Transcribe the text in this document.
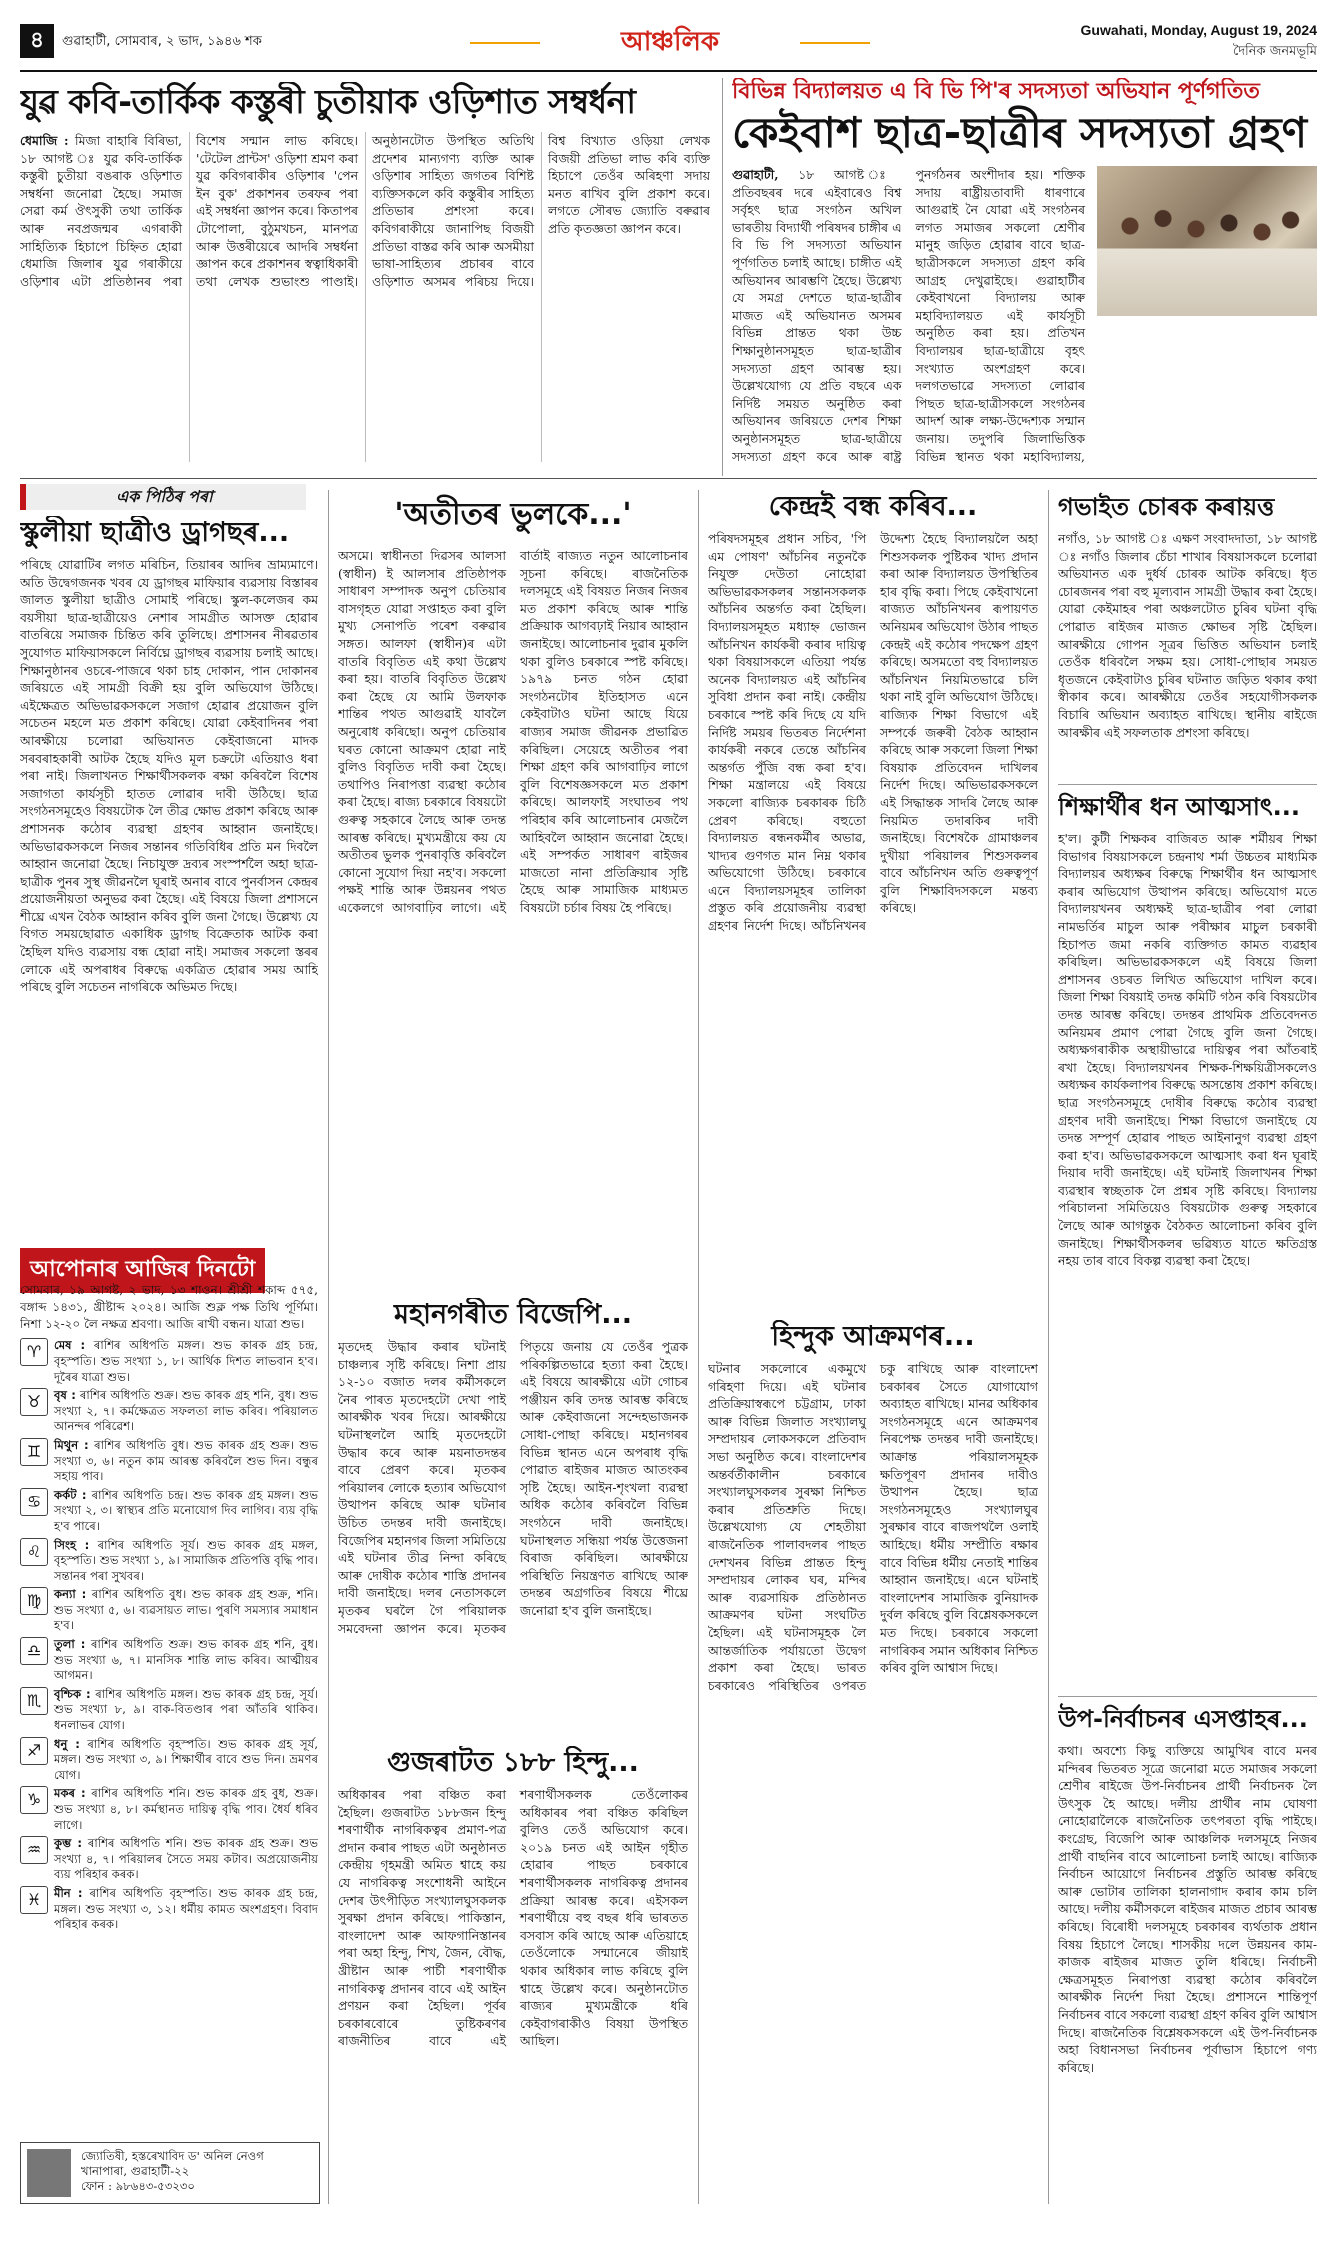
৪	গুৱাহাটী, সোমবাৰ, ২ ভাদ, ১৯৪৬ শক	আঞ্চলিক	Guwahati, Monday, August 19, 2024
দৈনিক জনমভূমি
যুৱ কবি-তাৰ্কিক কস্তুৰী চুতীয়াক ওড়িশাত সম্বৰ্ধনা
ধেমাজি : মিজা বাহাৰি বিৰিভা, ১৮ আগষ্ট ঃ যুৱ কবি-তাৰ্কিক কস্তুৰী চুতীয়া বঙৰাক ওড়িশাত সম্বৰ্ধনা জনোৱা হৈছে। সমাজ সেৱা কৰ্ম ঔৎসুকী তথা তাৰ্কিক আৰু নবপ্ৰজন্মৰ এগৰাকী সাহিত্যিক হিচাপে চিহ্নিত হোৱা ধেমাজি জিলাৰ যুৱ গৰাকীয়ে ওড়িশাৰ এটা প্ৰতিষ্ঠানৰ পৰা বিশেষ সন্মান লাভ কৰিছে। 'টেটেল প্ৰান্টস' ওড়িশা শ্ৰমণ কৰা যুৱ কবিগৰাকীৰ ওড়িশাৰ 'পেন ইন বুক' প্ৰকাশনৰ তৰফৰ পৰা এই সম্বৰ্ধনা জ্ঞাপন কৰে। কিতাপৰ টোপোলা, বুঠুমখচন, মানপত্ৰ আৰু উত্তৰীয়েৰে আদৰি সম্বৰ্ধনা জ্ঞাপন কৰে প্ৰকাশনৰ স্বত্বাধিকাৰী তথা লেখক শুভাংশু পাণ্ডাই। অনুষ্ঠানটোত উপস্থিত অতিথি প্ৰদেশৰ মান্যগণ্য ব্যক্তি আৰু ওড়িশাৰ সাহিত্য জগতৰ বিশিষ্ট ব্যক্তিসকলে কবি কস্তুৰীৰ সাহিত্য প্ৰতিভাৰ প্ৰশংসা কৰে। কবিগৰাকীয়ে জানাপিছ বিজয়ী প্ৰতিভা বাস্তৱ কৰি আৰু অসমীয়া ভাষা-সাহিত্যৰ প্ৰচাৰৰ বাবে ওড়িশাত অসমৰ পৰিচয় দিয়ে। বিশ্ব বিখ্যাত ওড়িয়া লেখক বিজয়ী প্ৰতিভা লাভ কৰি ব্যক্তি হিচাপে তেওঁৰ অৰিহণা সদায় মনত ৰাখিব বুলি প্ৰকাশ কৰে। লগতে সৌৰভ জ্যোতি বৰুৱাৰ প্ৰতি কৃতজ্ঞতা জ্ঞাপন কৰে।
বিভিন্ন বিদ্যালয়ত এ বি ভি পি'ৰ সদস্যতা অভিযান পূৰ্ণগতিত
কেইবাশ ছাত্ৰ-ছাত্ৰীৰ সদস্যতা গ্ৰহণ
গুৱাহাটী, ১৮ আগষ্ট ঃ প্ৰতিবছৰৰ দৰে এইবাৰেও বিশ্ব সৰ্বৃহৎ ছাত্ৰ সংগঠন অখিল ভাৰতীয় বিদ্যাৰ্থী পৰিষদৰ চাঙ্গীৰ এ বি ভি পি সদস্যতা অভিযান পূৰ্ণগতিত চলাই আছে। চাঙ্গীত এই অভিযানৰ আৰম্ভণি হৈছে। উল্লেখ্য যে সমগ্ৰ দেশতে ছাত্ৰ-ছাত্ৰীৰ মাজত এই অভিযানত অসমৰ বিভিন্ন প্ৰান্তত থকা উচ্চ শিক্ষানুষ্ঠানসমূহত ছাত্ৰ-ছাত্ৰীৰ সদস্যতা গ্ৰহণ আৰম্ভ হয়। উল্লেখযোগ্য যে প্ৰতি বছৰে এক নিৰ্দিষ্ট সময়ত অনুষ্ঠিত কৰা অভিযানৰ জৰিয়তে দেশৰ শিক্ষা অনুষ্ঠানসমূহত ছাত্ৰ-ছাত্ৰীয়ে সদস্যতা গ্ৰহণ কৰে আৰু ৰাষ্ট্ৰ পুনৰ্গঠনৰ অংশীদাৰ হয়। শক্তিক সদায় ৰাষ্ট্ৰীয়তাবাদী ধাৰণাৰে আগুৱাই নৈ যোৱা এই সংগঠনৰ লগত সমাজৰ সকলো শ্ৰেণীৰ মানুহ জড়িত হোৱাৰ বাবে ছাত্ৰ-ছাত্ৰীসকলে সদস্যতা গ্ৰহণ কৰি আগ্ৰহ দেখুৱাইছে। গুৱাহাটীৰ কেইবাখনো বিদ্যালয় আৰু মহাবিদ্যালয়ত এই কাৰ্যসূচী অনুষ্ঠিত কৰা হয়। প্ৰতিখন বিদ্যালয়ৰ ছাত্ৰ-ছাত্ৰীয়ে বৃহৎ সংখ্যাত অংশগ্ৰহণ কৰে। দলগতভাৱে সদস্যতা লোৱাৰ পিছত ছাত্ৰ-ছাত্ৰীসকলে সংগঠনৰ আদৰ্শ আৰু লক্ষ্য-উদ্দেশ্যক সন্মান জনায়। তদুপৰি জিলাভিত্তিক বিভিন্ন স্থানত থকা মহাবিদ্যালয়,
এক পিঠিৰ পৰা
স্কুলীয়া ছাত্ৰীও ড্ৰাগছৰ...
পৰিছে যোৱাটিৰ লগত মৰিচিন, তিয়াৰৰ আদিৰ ভ্ৰাম্যমাণে। অতি উদ্বেগজনক খবৰ যে ড্ৰাগছৰ মাফিয়াৰ ব্যৱসায় বিস্তাৰৰ জালত স্কুলীয়া ছাত্ৰীও সোমাই পৰিছে। স্কুল-কলেজৰ কম বয়সীয়া ছাত্ৰ-ছাত্ৰীয়েও নেশাৰ সামগ্ৰীত আসক্ত হোৱাৰ বাতৰিয়ে সমাজক চিন্তিত কৰি তুলিছে। প্ৰশাসনৰ নীৰৱতাৰ সুযোগত মাফিয়াসকলে নিৰ্বিঘ্নে ড্ৰাগছৰ ব্যৱসায় চলাই আছে। শিক্ষানুষ্ঠানৰ ওচৰে-পাজৰে থকা চাহ দোকান, পান দোকানৰ জৰিয়তে এই সামগ্ৰী বিক্ৰী হয় বুলি অভিযোগ উঠিছে। এইক্ষেত্ৰত অভিভাৱকসকলে সজাগ হোৱাৰ প্ৰয়োজন বুলি সচেতন মহলে মত প্ৰকাশ কৰিছে। যোৱা কেইবাদিনৰ পৰা আৰক্ষীয়ে চলোৱা অভিযানত কেইবাজনো মাদক সৰবৰাহকাৰী আটক হৈছে যদিও মূল চক্ৰটো এতিয়াও ধৰা পৰা নাই। জিলাখনত শিক্ষাৰ্থীসকলক ৰক্ষা কৰিবলৈ বিশেষ সজাগতা কাৰ্যসূচী হাতত লোৱাৰ দাবী উঠিছে। ছাত্ৰ সংগঠনসমূহেও বিষয়টোক লৈ তীব্ৰ ক্ষোভ প্ৰকাশ কৰিছে আৰু প্ৰশাসনক কঠোৰ ব্যৱস্থা গ্ৰহণৰ আহ্বান জনাইছে। অভিভাৱকসকলে নিজৰ সন্তানৰ গতিবিধিৰ প্ৰতি মন দিবলৈ আহ্বান জনোৱা হৈছে। নিচাযুক্ত দ্ৰব্যৰ সংস্পৰ্শলৈ অহা ছাত্ৰ-ছাত্ৰীক পুনৰ সুস্থ জীৱনলৈ ঘূৰাই অনাৰ বাবে পুনৰ্বাসন কেন্দ্ৰৰ প্ৰয়োজনীয়তা অনুভৱ কৰা হৈছে। এই বিষয়ে জিলা প্ৰশাসনে শীঘ্ৰে এখন বৈঠক আহ্বান কৰিব বুলি জনা গৈছে। উল্লেখ্য যে বিগত সময়ছোৱাত একাধিক ড্ৰাগছ বিক্ৰেতাক আটক কৰা হৈছিল যদিও ব্যৱসায় বন্ধ হোৱা নাই। সমাজৰ সকলো স্তৰৰ লোকে এই অপৰাধৰ বিৰুদ্ধে একত্ৰিত হোৱাৰ সময় আহি পৰিছে বুলি সচেতন নাগৰিকে অভিমত দিছে।
'অতীতৰ ভুলকে...'
অসমে। স্বাধীনতা দিৱসৰ আলসা (স্বাধীন) ই আলসাৰ প্ৰতিষ্ঠাপক সাধাৰণ সম্পাদক অনুপ চেতিয়াৰ বাসগৃহত যোৱা সপ্তাহত কৰা বুলি মুখ্য সেনাপতি পৰেশ বৰুৱাৰ সঙ্গত। আলফা (স্বাধীন)ৰ এটা বাতৰি বিবৃতিত এই কথা উল্লেখ কৰা হয়। বাতৰি বিবৃতিত উল্লেখ কৰা হৈছে যে আমি উলফাক শান্তিৰ পথত আগুৱাই যাবলৈ অনুৰোধ কৰিছো। অনুপ চেতিয়াৰ ঘৰত কোনো আক্ৰমণ হোৱা নাই বুলিও বিবৃতিত দাবী কৰা হৈছে। তথাপিও নিৰাপত্তা ব্যৱস্থা কঠোৰ কৰা হৈছে। ৰাজ্য চৰকাৰে বিষয়টো গুৰুত্ব সহকাৰে লৈছে আৰু তদন্ত আৰম্ভ কৰিছে। মুখ্যমন্ত্ৰীয়ে কয় যে অতীতৰ ভুলক পুনৰাবৃত্তি কৰিবলৈ কোনো সুযোগ দিয়া নহ'ব। সকলো পক্ষই শান্তি আৰু উন্নয়নৰ পথত একেলগে আগবাঢ়িব লাগে। এই বাৰ্তাই ৰাজ্যত নতুন আলোচনাৰ সূচনা কৰিছে। ৰাজনৈতিক দলসমূহে এই বিষয়ত নিজৰ নিজৰ মত প্ৰকাশ কৰিছে আৰু শান্তি প্ৰক্ৰিয়াক আগবঢ়াই নিয়াৰ আহ্বান জনাইছে। আলোচনাৰ দুৱাৰ মুকলি থকা বুলিও চৰকাৰে স্পষ্ট কৰিছে। ১৯৭৯ চনত গঠন হোৱা সংগঠনটোৰ ইতিহাসত এনে কেইবাটাও ঘটনা আছে যিয়ে ৰাজ্যৰ সমাজ জীৱনক প্ৰভাৱিত কৰিছিল। সেয়েহে অতীতৰ পৰা শিক্ষা গ্ৰহণ কৰি আগবাঢ়িব লাগে বুলি বিশেষজ্ঞসকলে মত প্ৰকাশ কৰিছে। আলফাই সংঘাতৰ পথ পৰিহাৰ কৰি আলোচনাৰ মেজলৈ আহিবলৈ আহ্বান জনোৱা হৈছে। এই সম্পৰ্কত সাধাৰণ ৰাইজৰ মাজতো নানা প্ৰতিক্ৰিয়াৰ সৃষ্টি হৈছে আৰু সামাজিক মাধ্যমত বিষয়টো চৰ্চাৰ বিষয় হৈ পৰিছে।
মহানগৰীত বিজেপি...
মৃতদেহ উদ্ধাৰ কৰাৰ ঘটনাই চাঞ্চল্যৰ সৃষ্টি কৰিছে। নিশা প্ৰায় ১২-১০ বজাত দলৰ কৰ্মীসকলে নৈৰ পাৰত মৃতদেহটো দেখা পাই আৰক্ষীক খবৰ দিয়ে। আৰক্ষীয়ে ঘটনাস্থললৈ আহি মৃতদেহটো উদ্ধাৰ কৰে আৰু ময়নাতদন্তৰ বাবে প্ৰেৰণ কৰে। মৃতকৰ পৰিয়ালৰ লোকে হত্যাৰ অভিযোগ উত্থাপন কৰিছে আৰু ঘটনাৰ উচিত তদন্তৰ দাবী জনাইছে। বিজেপিৰ মহানগৰ জিলা সমিতিয়ে এই ঘটনাৰ তীব্ৰ নিন্দা কৰিছে আৰু দোষীক কঠোৰ শাস্তি প্ৰদানৰ দাবী জনাইছে। দলৰ নেতাসকলে মৃতকৰ ঘৰলৈ গৈ পৰিয়ালক সমবেদনা জ্ঞাপন কৰে। মৃতকৰ পিতৃয়ে জনায় যে তেওঁৰ পুত্ৰক পৰিকল্পিতভাৱে হত্যা কৰা হৈছে। এই বিষয়ে আৰক্ষীয়ে এটা গোচৰ পঞ্জীয়ন কৰি তদন্ত আৰম্ভ কৰিছে আৰু কেইবাজনো সন্দেহভাজনক সোধা-পোছা কৰিছে। মহানগৰৰ বিভিন্ন স্থানত এনে অপৰাধ বৃদ্ধি পোৱাত ৰাইজৰ মাজত আতংকৰ সৃষ্টি হৈছে। আইন-শৃংখলা ব্যৱস্থা অধিক কঠোৰ কৰিবলৈ বিভিন্ন সংগঠনে দাবী জনাইছে। ঘটনাস্থলত সন্ধিয়া পৰ্যন্ত উত্তেজনা বিৰাজ কৰিছিল। আৰক্ষীয়ে পৰিস্থিতি নিয়ন্ত্ৰণত ৰাখিছে আৰু তদন্তৰ অগ্ৰগতিৰ বিষয়ে শীঘ্ৰে জনোৱা হ'ব বুলি জনাইছে।
গুজৰাটত ১৮৮ হিন্দু...
অধিকাৰৰ পৰা বঞ্চিত কৰা হৈছিল। গুজৰাটত ১৮৮জন হিন্দু শৰণাৰ্থীক নাগৰিকত্বৰ প্ৰমাণ-পত্ৰ প্ৰদান কৰাৰ পাছত এটা অনুষ্ঠানত কেন্দ্ৰীয় গৃহমন্ত্ৰী অমিত শ্বাহে কয় যে নাগৰিকত্ব সংশোধনী আইনে দেশৰ উৎপীড়িত সংখ্যালঘুসকলক সুৰক্ষা প্ৰদান কৰিছে। পাকিস্তান, বাংলাদেশ আৰু আফগানিস্তানৰ পৰা অহা হিন্দু, শিখ, জৈন, বৌদ্ধ, খ্ৰীষ্টান আৰু পাৰ্চী শৰণাৰ্থীক নাগৰিকত্ব প্ৰদানৰ বাবে এই আইন প্ৰণয়ন কৰা হৈছিল। পূৰ্বৰ চৰকাৰবোৰে তুষ্টিকৰণৰ ৰাজনীতিৰ বাবে এই শৰণাৰ্থীসকলক তেওঁলোকৰ অধিকাৰৰ পৰা বঞ্চিত কৰিছিল বুলিও তেওঁ অভিযোগ কৰে। ২০১৯ চনত এই আইন গৃহীত হোৱাৰ পাছত চৰকাৰে শৰণাৰ্থীসকলক নাগৰিকত্ব প্ৰদানৰ প্ৰক্ৰিয়া আৰম্ভ কৰে। এইসকল শৰণাৰ্থীয়ে বহু বছৰ ধৰি ভাৰতত বসবাস কৰি আছে আৰু এতিয়াহে তেওঁলোকে সন্মানেৰে জীয়াই থকাৰ অধিকাৰ লাভ কৰিছে বুলি শ্বাহে উল্লেখ কৰে। অনুষ্ঠানটোত ৰাজ্যৰ মুখ্যমন্ত্ৰীকে ধৰি কেইবাগৰাকীও বিষয়া উপস্থিত আছিল।
কেন্দ্ৰই বন্ধ কৰিব...
পৰিষদসমূহৰ প্ৰধান সচিব, 'পি এম পোষণ' আঁচনিৰ নতুনকৈ নিযুক্ত দেউতা নোহোৱা অভিভাৱকসকলৰ সন্তানসকলক আঁচনিৰ অন্তৰ্গত কৰা হৈছিল। বিদ্যালয়সমূহত মধ্যাহ্ন ভোজন আঁচনিখন কাৰ্যকৰী কৰাৰ দায়িত্ব থকা বিষয়াসকলে এতিয়া পৰ্যন্ত অনেক বিদ্যালয়ত এই আঁচনিৰ সুবিধা প্ৰদান কৰা নাই। কেন্দ্ৰীয় চৰকাৰে স্পষ্ট কৰি দিছে যে যদি নিৰ্দিষ্ট সময়ৰ ভিতৰত নিৰ্দেশনা কাৰ্যকৰী নকৰে তেন্তে আঁচনিৰ অন্তৰ্গত পুঁজি বন্ধ কৰা হ'ব। শিক্ষা মন্ত্ৰালয়ে এই বিষয়ে সকলো ৰাজ্যিক চৰকাৰক চিঠি প্ৰেৰণ কৰিছে। বহুতো বিদ্যালয়ত ৰন্ধনকৰ্মীৰ অভাৱ, খাদ্যৰ গুণগত মান নিম্ন থকাৰ অভিযোগো উঠিছে। চৰকাৰে এনে বিদ্যালয়সমূহৰ তালিকা প্ৰস্তুত কৰি প্ৰয়োজনীয় ব্যৱস্থা গ্ৰহণৰ নিৰ্দেশ দিছে। আঁচনিখনৰ উদ্দেশ্য হৈছে বিদ্যালয়লৈ অহা শিশুসকলক পুষ্টিকৰ খাদ্য প্ৰদান কৰা আৰু বিদ্যালয়ত উপস্থিতিৰ হাৰ বৃদ্ধি কৰা। পিছে কেইবাখনো ৰাজ্যত আঁচনিখনৰ ৰূপায়ণত অনিয়মৰ অভিযোগ উঠাৰ পাছত কেন্দ্ৰই এই কঠোৰ পদক্ষেপ গ্ৰহণ কৰিছে। অসমতো বহু বিদ্যালয়ত আঁচনিখন নিয়মিতভাৱে চলি থকা নাই বুলি অভিযোগ উঠিছে। ৰাজ্যিক শিক্ষা বিভাগে এই সম্পৰ্কে জৰুৰী বৈঠক আহ্বান কৰিছে আৰু সকলো জিলা শিক্ষা বিষয়াক প্ৰতিবেদন দাখিলৰ নিৰ্দেশ দিছে। অভিভাৱকসকলে এই সিদ্ধান্তক সাদৰি লৈছে আৰু নিয়মিত তদাৰকিৰ দাবী জনাইছে। বিশেষকৈ গ্ৰামাঞ্চলৰ দুখীয়া পৰিয়ালৰ শিশুসকলৰ বাবে আঁচনিখন অতি গুৰুত্বপূৰ্ণ বুলি শিক্ষাবিদসকলে মন্তব্য কৰিছে।
হিন্দুক আক্ৰমণৰ...
ঘটনাৰ সকলোৰে একমুখে গৰিহণা দিয়ে। এই ঘটনাৰ প্ৰতিক্ৰিয়াস্বৰূপে চট্টগ্ৰাম, ঢাকা আৰু বিভিন্ন জিলাত সংখ্যালঘু সম্প্ৰদায়ৰ লোকসকলে প্ৰতিবাদ সভা অনুষ্ঠিত কৰে। বাংলাদেশৰ অন্তৰ্বৰ্তীকালীন চৰকাৰে সংখ্যালঘুসকলৰ সুৰক্ষা নিশ্চিত কৰাৰ প্ৰতিশ্ৰুতি দিছে। উল্লেখযোগ্য যে শেহতীয়া ৰাজনৈতিক পালাবদলৰ পাছত দেশখনৰ বিভিন্ন প্ৰান্তত হিন্দু সম্প্ৰদায়ৰ লোকৰ ঘৰ, মন্দিৰ আৰু ব্যৱসায়িক প্ৰতিষ্ঠানত আক্ৰমণৰ ঘটনা সংঘটিত হৈছিল। এই ঘটনাসমূহক লৈ আন্তৰ্জাতিক পৰ্যায়তো উদ্বেগ প্ৰকাশ কৰা হৈছে। ভাৰত চৰকাৰেও পৰিস্থিতিৰ ওপৰত চকু ৰাখিছে আৰু বাংলাদেশ চৰকাৰৰ সৈতে যোগাযোগ অব্যাহত ৰাখিছে। মানৱ অধিকাৰ সংগঠনসমূহে এনে আক্ৰমণৰ নিৰপেক্ষ তদন্তৰ দাবী জনাইছে। আক্ৰান্ত পৰিয়ালসমূহক ক্ষতিপূৰণ প্ৰদানৰ দাবীও উত্থাপন হৈছে। ছাত্ৰ সংগঠনসমূহেও সংখ্যালঘুৰ সুৰক্ষাৰ বাবে ৰাজপথলৈ ওলাই আহিছে। ধৰ্মীয় সম্প্ৰীতি ৰক্ষাৰ বাবে বিভিন্ন ধৰ্মীয় নেতাই শান্তিৰ আহ্বান জনাইছে। এনে ঘটনাই বাংলাদেশৰ সামাজিক বুনিয়াদক দুৰ্বল কৰিছে বুলি বিশ্লেষকসকলে মত দিছে। চৰকাৰে সকলো নাগৰিকৰ সমান অধিকাৰ নিশ্চিত কৰিব বুলি আশ্বাস দিছে।
গভাইত চোৰক কৰায়ত্ত
নগাঁও, ১৮ আগষ্ট ঃ এক্ষণ সংবাদদাতা, ১৮ আগষ্ট ঃ নগাঁও জিলাৰ চেঁচা শাখাৰ বিষয়াসকলে চলোৱা অভিযানত এক দুৰ্ধৰ্ষ চোৰক আটক কৰিছে। ধৃত চোৰজনৰ পৰা বহু মূল্যবান সামগ্ৰী উদ্ধাৰ কৰা হৈছে। যোৱা কেইমাহৰ পৰা অঞ্চলটোত চুৰিৰ ঘটনা বৃদ্ধি পোৱাত ৰাইজৰ মাজত ক্ষোভৰ সৃষ্টি হৈছিল। আৰক্ষীয়ে গোপন সূত্ৰৰ ভিত্তিত অভিযান চলাই তেওঁক ধৰিবলৈ সক্ষম হয়। সোধা-পোছাৰ সময়ত ধৃতজনে কেইবাটাও চুৰিৰ ঘটনাত জড়িত থকাৰ কথা স্বীকাৰ কৰে। আৰক্ষীয়ে তেওঁৰ সহযোগীসকলক বিচাৰি অভিযান অব্যাহত ৰাখিছে। স্থানীয় ৰাইজে আৰক্ষীৰ এই সফলতাক প্ৰশংসা কৰিছে।
শিক্ষাৰ্থীৰ ধন আত্মসাৎ...
হ'ল। কুটী শিক্ষকৰ বাজিৰত আৰু শৰ্মীয়ৰ শিক্ষা বিভাগৰ বিষয়াসকলে চন্দ্ৰনাথ শৰ্মা উচ্চতৰ মাধ্যমিক বিদ্যালয়ৰ অধ্যক্ষৰ বিৰুদ্ধে শিক্ষাৰ্থীৰ ধন আত্মসাৎ কৰাৰ অভিযোগ উত্থাপন কৰিছে। অভিযোগ মতে বিদ্যালয়খনৰ অধ্যক্ষই ছাত্ৰ-ছাত্ৰীৰ পৰা লোৱা নামভৰ্তিৰ মাচুল আৰু পৰীক্ষাৰ মাচুল চৰকাৰী হিচাপত জমা নকৰি ব্যক্তিগত কামত ব্যৱহাৰ কৰিছিল। অভিভাৱকসকলে এই বিষয়ে জিলা প্ৰশাসনৰ ওচৰত লিখিত অভিযোগ দাখিল কৰে। জিলা শিক্ষা বিষয়াই তদন্ত কমিটি গঠন কৰি বিষয়টোৰ তদন্ত আৰম্ভ কৰিছে। তদন্তৰ প্ৰাথমিক প্ৰতিবেদনত অনিয়মৰ প্ৰমাণ পোৱা গৈছে বুলি জনা গৈছে। অধ্যক্ষগৰাকীক অস্থায়ীভাৱে দায়িত্বৰ পৰা আঁতৰাই ৰখা হৈছে। বিদ্যালয়খনৰ শিক্ষক-শিক্ষয়িত্ৰীসকলেও অধ্যক্ষৰ কাৰ্যকলাপৰ বিৰুদ্ধে অসন্তোষ প্ৰকাশ কৰিছে। ছাত্ৰ সংগঠনসমূহে দোষীৰ বিৰুদ্ধে কঠোৰ ব্যৱস্থা গ্ৰহণৰ দাবী জনাইছে। শিক্ষা বিভাগে জনাইছে যে তদন্ত সম্পূৰ্ণ হোৱাৰ পাছত আইনানুগ ব্যৱস্থা গ্ৰহণ কৰা হ'ব। অভিভাৱকসকলে আত্মসাৎ কৰা ধন ঘূৰাই দিয়াৰ দাবী জনাইছে। এই ঘটনাই জিলাখনৰ শিক্ষা ব্যৱস্থাৰ স্বচ্ছতাক লৈ প্ৰশ্নৰ সৃষ্টি কৰিছে। বিদ্যালয় পৰিচালনা সমিতিয়েও বিষয়টোক গুৰুত্ব সহকাৰে লৈছে আৰু আগন্তুক বৈঠকত আলোচনা কৰিব বুলি জনাইছে। শিক্ষাৰ্থীসকলৰ ভৱিষ্যত যাতে ক্ষতিগ্ৰস্ত নহয় তাৰ বাবে বিকল্প ব্যৱস্থা কৰা হৈছে।
উপ-নিৰ্বাচনৰ এসপ্তাহৰ...
কথা। অবশ্যে কিছু ব্যক্তিয়ে আমুখিৰ বাবে মনৰ মন্দিৰৰ ভিতৰত সূত্ৰে জনোৱা মতে সমাজৰ সকলো শ্ৰেণীৰ ৰাইজে উপ-নিৰ্বাচনৰ প্ৰাৰ্থী নিৰ্বাচনক লৈ উৎসুক হৈ আছে। দলীয় প্ৰাৰ্থীৰ নাম ঘোষণা নোহোৱালৈকে ৰাজনৈতিক তৎপৰতা বৃদ্ধি পাইছে। কংগ্ৰেছ, বিজেপি আৰু আঞ্চলিক দলসমূহে নিজৰ প্ৰাৰ্থী বাছনিৰ বাবে আলোচনা চলাই আছে। ৰাজ্যিক নিৰ্বাচন আয়োগে নিৰ্বাচনৰ প্ৰস্তুতি আৰম্ভ কৰিছে আৰু ভোটাৰ তালিকা হালনাগাদ কৰাৰ কাম চলি আছে। দলীয় কৰ্মীসকলে ৰাইজৰ মাজত প্ৰচাৰ আৰম্ভ কৰিছে। বিৰোধী দলসমূহে চৰকাৰৰ ব্যৰ্থতাক প্ৰধান বিষয় হিচাপে লৈছে। শাসকীয় দলে উন্নয়নৰ কাম-কাজক ৰাইজৰ মাজত তুলি ধৰিছে। নিৰ্বাচনী ক্ষেত্ৰসমূহত নিৰাপত্তা ব্যৱস্থা কঠোৰ কৰিবলৈ আৰক্ষীক নিৰ্দেশ দিয়া হৈছে। প্ৰশাসনে শান্তিপূৰ্ণ নিৰ্বাচনৰ বাবে সকলো ব্যৱস্থা গ্ৰহণ কৰিব বুলি আশ্বাস দিছে। ৰাজনৈতিক বিশ্লেষকসকলে এই উপ-নিৰ্বাচনক অহা বিধানসভা নিৰ্বাচনৰ পূৰ্বাভাস হিচাপে গণ্য কৰিছে।
আপোনাৰ আজিৰ দিনটো
সোমবাৰ, ১৯ আগষ্ট, ২ ভাদ, ১৩ শাওন। শ্ৰীশ্ৰী শকাব্দ ৫৭৫, বঙ্গাব্দ ১৪৩১, খ্ৰীষ্টাব্দ ২০২৪। আজি শুক্ল পক্ষ তিথি পূৰ্ণিমা। নিশা ১২-২০ লৈ নক্ষত্ৰ শ্ৰবণা। আজি ৰাখী বন্ধন। যাত্ৰা শুভ।
♈	মেষ : ৰাশিৰ অধিপতি মঙ্গল। শুভ কাৰক গ্ৰহ চন্দ্ৰ, বৃহস্পতি। শুভ সংখ্যা ১, ৮। আৰ্থিক দিশত লাভবান হ'ব। দূৰৈৰ যাত্ৰা শুভ।
♉	বৃষ : ৰাশিৰ অধিপতি শুক্ৰ। শুভ কাৰক গ্ৰহ শনি, বুধ। শুভ সংখ্যা ২, ৭। কৰ্মক্ষেত্ৰত সফলতা লাভ কৰিব। পৰিয়ালত আনন্দৰ পৰিৱেশ।
♊	মিথুন : ৰাশিৰ অধিপতি বুধ। শুভ কাৰক গ্ৰহ শুক্ৰ। শুভ সংখ্যা ৩, ৬। নতুন কাম আৰম্ভ কৰিবলৈ শুভ দিন। বন্ধুৰ সহায় পাব।
♋	কৰ্কট : ৰাশিৰ অধিপতি চন্দ্ৰ। শুভ কাৰক গ্ৰহ মঙ্গল। শুভ সংখ্যা ২, ৩। স্বাস্থ্যৰ প্ৰতি মনোযোগ দিব লাগিব। ব্যয় বৃদ্ধি হ'ব পাৰে।
♌	সিংহ : ৰাশিৰ অধিপতি সূৰ্য। শুভ কাৰক গ্ৰহ মঙ্গল, বৃহস্পতি। শুভ সংখ্যা ১, ৯। সামাজিক প্ৰতিপত্তি বৃদ্ধি পাব। সন্তানৰ পৰা সুখবৰ।
♍	কন্যা : ৰাশিৰ অধিপতি বুধ। শুভ কাৰক গ্ৰহ শুক্ৰ, শনি। শুভ সংখ্যা ৫, ৬। ব্যৱসায়ত লাভ। পুৰণি সমস্যাৰ সমাধান হ'ব।
♎	তুলা : ৰাশিৰ অধিপতি শুক্ৰ। শুভ কাৰক গ্ৰহ শনি, বুধ। শুভ সংখ্যা ৬, ৭। মানসিক শান্তি লাভ কৰিব। আত্মীয়ৰ আগমন।
♏	বৃশ্চিক : ৰাশিৰ অধিপতি মঙ্গল। শুভ কাৰক গ্ৰহ চন্দ্ৰ, সূৰ্য। শুভ সংখ্যা ৮, ৯। বাক-বিতণ্ডাৰ পৰা আঁতৰি থাকিব। ধনলাভৰ যোগ।
♐	ধনু : ৰাশিৰ অধিপতি বৃহস্পতি। শুভ কাৰক গ্ৰহ সূৰ্য, মঙ্গল। শুভ সংখ্যা ৩, ৯। শিক্ষাৰ্থীৰ বাবে শুভ দিন। ভ্ৰমণৰ যোগ।
♑	মকৰ : ৰাশিৰ অধিপতি শনি। শুভ কাৰক গ্ৰহ বুধ, শুক্ৰ। শুভ সংখ্যা ৪, ৮। কৰ্মস্থানত দায়িত্ব বৃদ্ধি পাব। ধৈৰ্য ধৰিব লাগে।
♒	কুম্ভ : ৰাশিৰ অধিপতি শনি। শুভ কাৰক গ্ৰহ শুক্ৰ। শুভ সংখ্যা ৪, ৭। পৰিয়ালৰ সৈতে সময় কটাব। অপ্ৰয়োজনীয় ব্যয় পৰিহাৰ কৰক।
♓	মীন : ৰাশিৰ অধিপতি বৃহস্পতি। শুভ কাৰক গ্ৰহ চন্দ্ৰ, মঙ্গল। শুভ সংখ্যা ৩, ১২। ধৰ্মীয় কামত অংশগ্ৰহণ। বিবাদ পৰিহাৰ কৰক।
জ্যোতিষী, হস্তৰেখাবিদ ড' অনিল নেওগ
খানাপাৰা, গুৱাহাটী-২২
ফোন : ৯৮৬৪৩-৫৩২৩০
